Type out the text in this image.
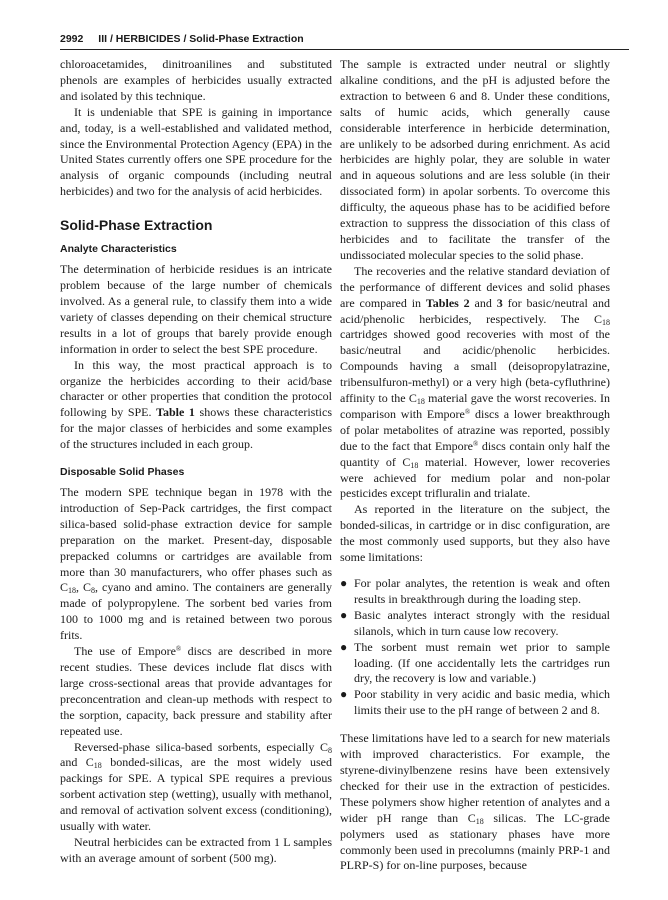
2992 III / HERBICIDES / Solid-Phase Extraction

chloroacetamides, dinitroanilines and substituted phenols are examples of herbicides usually extracted and isolated by this technique.

It is undeniable that SPE is gaining in importance and, today, is a well-established and validated method, since the Environmental Protection Agency (EPA) in the United States currently offers one SPE procedure for the analysis of organic compounds (including neutral herbicides) and two for the analysis of acid herbicides.

Solid-Phase Extraction
Analyte Characteristics

The determination of herbicide residues is an intricate problem because of the large number of chemicals involved. As a general rule, to classify them into a wide variety of classes depending on their chemical structure results in a lot of groups that barely provide enough information in order to select the best SPE procedure.

In this way, the most practical approach is to organize the herbicides according to their acid/base character or other properties that condition the protocol following by SPE. Table 1 shows these characteristics for the major classes of herbicides and some examples of the structures included in each group.

Disposable Solid Phases

The modern SPE technique began in 1978 with the introduction of Sep-Pack cartridges, the first compact silica-based solid-phase extraction device for sample preparation on the market. Present-day, disposable prepacked columns or cartridges are available from more than 30 manufacturers, who offer phases such as $C_{18}$, $C_8$, cyano and amino. The containers are generally made of polypropylene. The sorbent bed varies from 100 to 1000 mg and is retained between two porous frits.

The use of Empore® discs are described in more recent studies. These devices include flat discs with large cross-sectional areas that provide advantages for preconcentration and clean-up methods with respect to the sorption, capacity, back pressure and stability after repeated use.

Reversed-phase silica-based sorbents, especially $C_8$ and $C_{18}$ bonded-silicas, are the most widely used packings for SPE. A typical SPE requires a previous sorbent activation step (wetting), usually with methanol, and removal of activation solvent excess (conditioning), usually with water.

Neutral herbicides can be extracted from 1 L samples with an average amount of sorbent (500 mg).

The sample is extracted under neutral or slightly alkaline conditions, and the pH is adjusted before the extraction to between 6 and 8. Under these conditions, salts of humic acids, which generally cause considerable interference in herbicide determination, are unlikely to be adsorbed during enrichment. As acid herbicides are highly polar, they are soluble in water and in aqueous solutions and are less soluble (in their dissociated form) in apolar sorbents. To overcome this difficulty, the aqueous phase has to be acidified before extraction to suppress the dissociation of this class of herbicides and to facilitate the transfer of the undissociated molecular species to the solid phase.

The recoveries and the relative standard deviation of the performance of different devices and solid phases are compared in Tables 2 and 3 for basic/neutral and acid/phenolic herbicides, respectively. The $C_{18}$ cartridges showed good recoveries with most of the basic/neutral and acidic/phenolic herbicides. Compounds having a small (deisopropylatrazine, tribensulfuron-methyl) or a very high (beta-cyfluthrine) affinity to the $C_{18}$ material gave the worst recoveries. In comparison with Empore® discs a lower breakthrough of polar metabolites of atrazine was reported, possibly due to the fact that Empore® discs contain only half the quantity of $C_{18}$ material. However, lower recoveries were achieved for medium polar and non-polar pesticides except trifluralin and trialate.

As reported in the literature on the subject, the bonded-silicas, in cartridge or in disc configuration, are the most commonly used supports, but they also have some limitations:

● For polar analytes, the retention is weak and often results in breakthrough during the loading step.
● Basic analytes interact strongly with the residual silanols, which in turn cause low recovery.
● The sorbent must remain wet prior to sample loading. (If one accidentally lets the cartridges run dry, the recovery is low and variable.)
● Poor stability in very acidic and basic media, which limits their use to the pH range of between 2 and 8.

These limitations have led to a search for new materials with improved characteristics. For example, the styrene-divinylbenzene resins have been extensively checked for their use in the extraction of pesticides. These polymers show higher retention of analytes and a wider pH range than $C_{18}$ silicas. The LC-grade polymers used as stationary phases have more commonly been used in precolumns (mainly PRP-1 and PLRP-S) for on-line purposes, because
